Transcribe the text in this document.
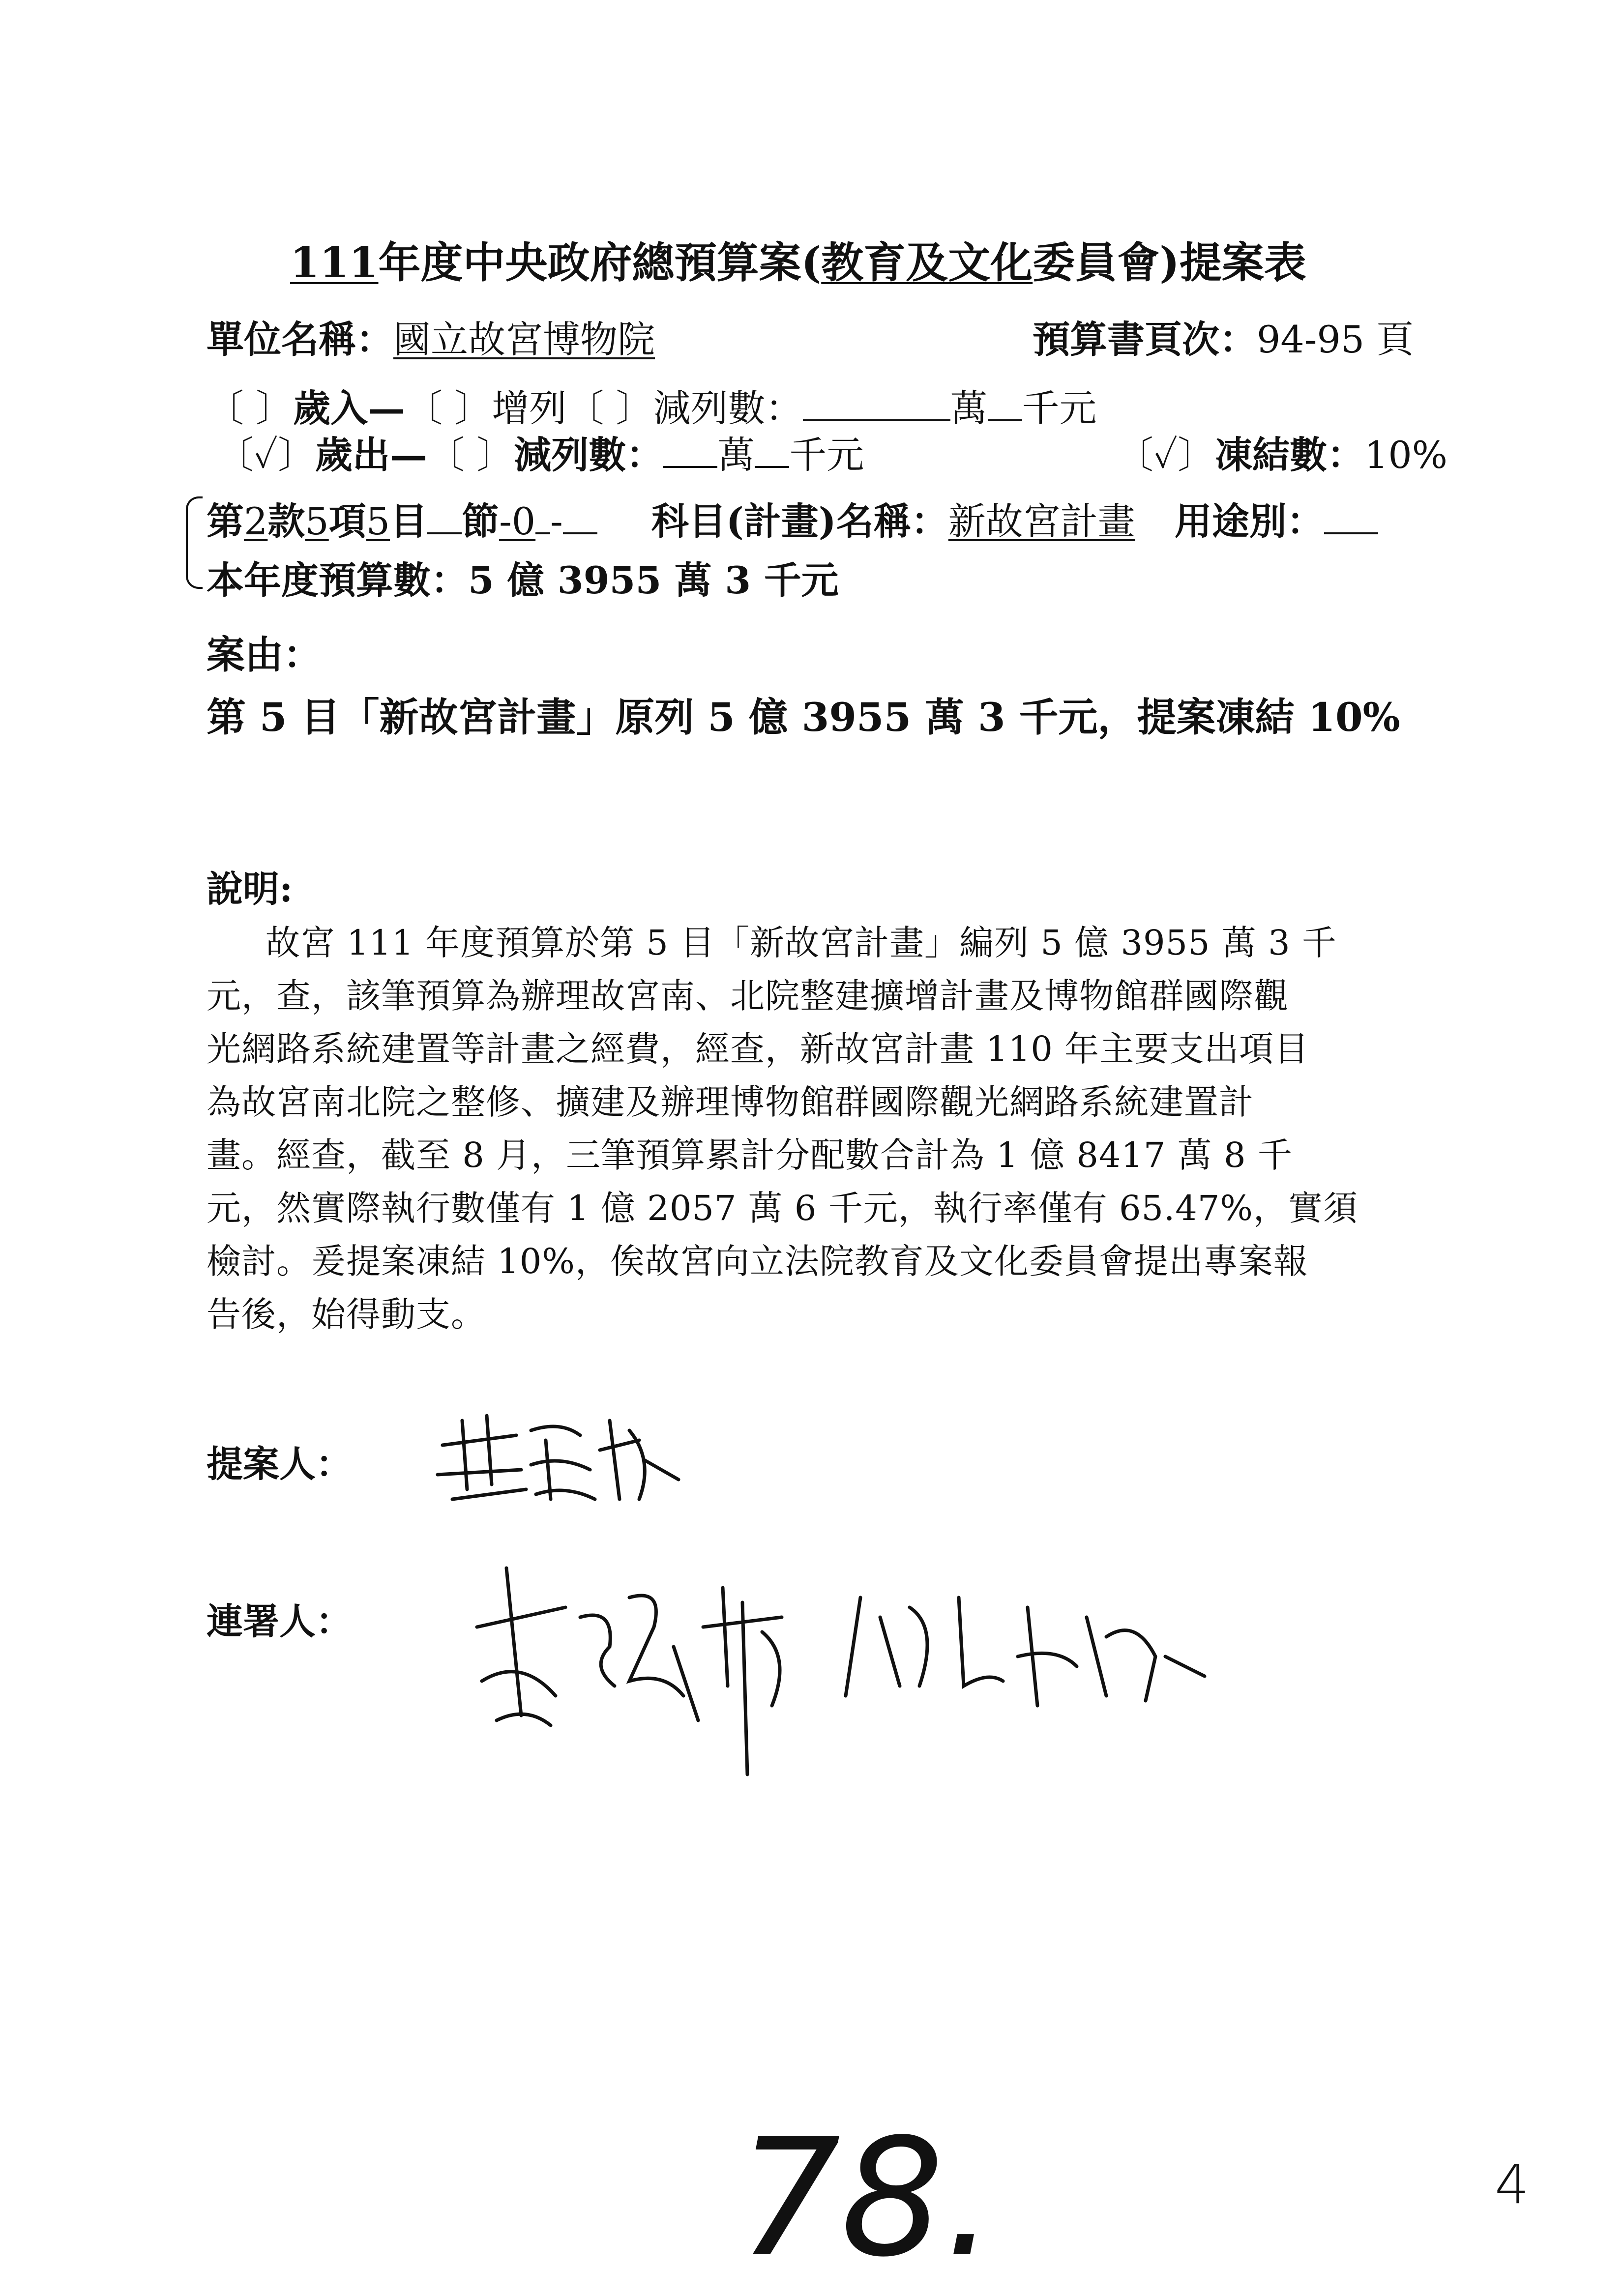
111年度中央政府總預算案(教育及文化委員會)提案表
單位名稱：國立故宮博物院	預算書頁次：94-95 頁
〔 〕歲入—〔 〕增列〔 〕減列數：	萬 千元
〔✓〕歲出—〔 〕減列數： 萬 千元	〔✓〕凍結數：10%
第2款5項5目 節-0 - 科目(計畫)名稱：新故宮計畫 用途別：
本年度預算數：5 億 3955 萬 3 千元
案由：
第 5 目「新故宮計畫」原列 5 億 3955 萬 3 千元，提案凍結 10%
說明:
故宮 111 年度預算於第 5 目「新故宮計畫」編列 5 億 3955 萬 3 千
元，查，該筆預算為辦理故宮南、北院整建擴增計畫及博物館群國際觀
光網路系統建置等計畫之經費，經查，新故宮計畫 110 年主要支出項目
為故宮南北院之整修、擴建及辦理博物館群國際觀光網路系統建置計
畫。經查，截至 8 月，三筆預算累計分配數合計為 1 億 8417 萬 8 千
元，然實際執行數僅有 1 億 2057 萬 6 千元，執行率僅有 65.47%，實須
檢討。爰提案凍結 10%，俟故宮向立法院教育及文化委員會提出專案報
告後，始得動支。
提案人：
連署人：
78.	4
